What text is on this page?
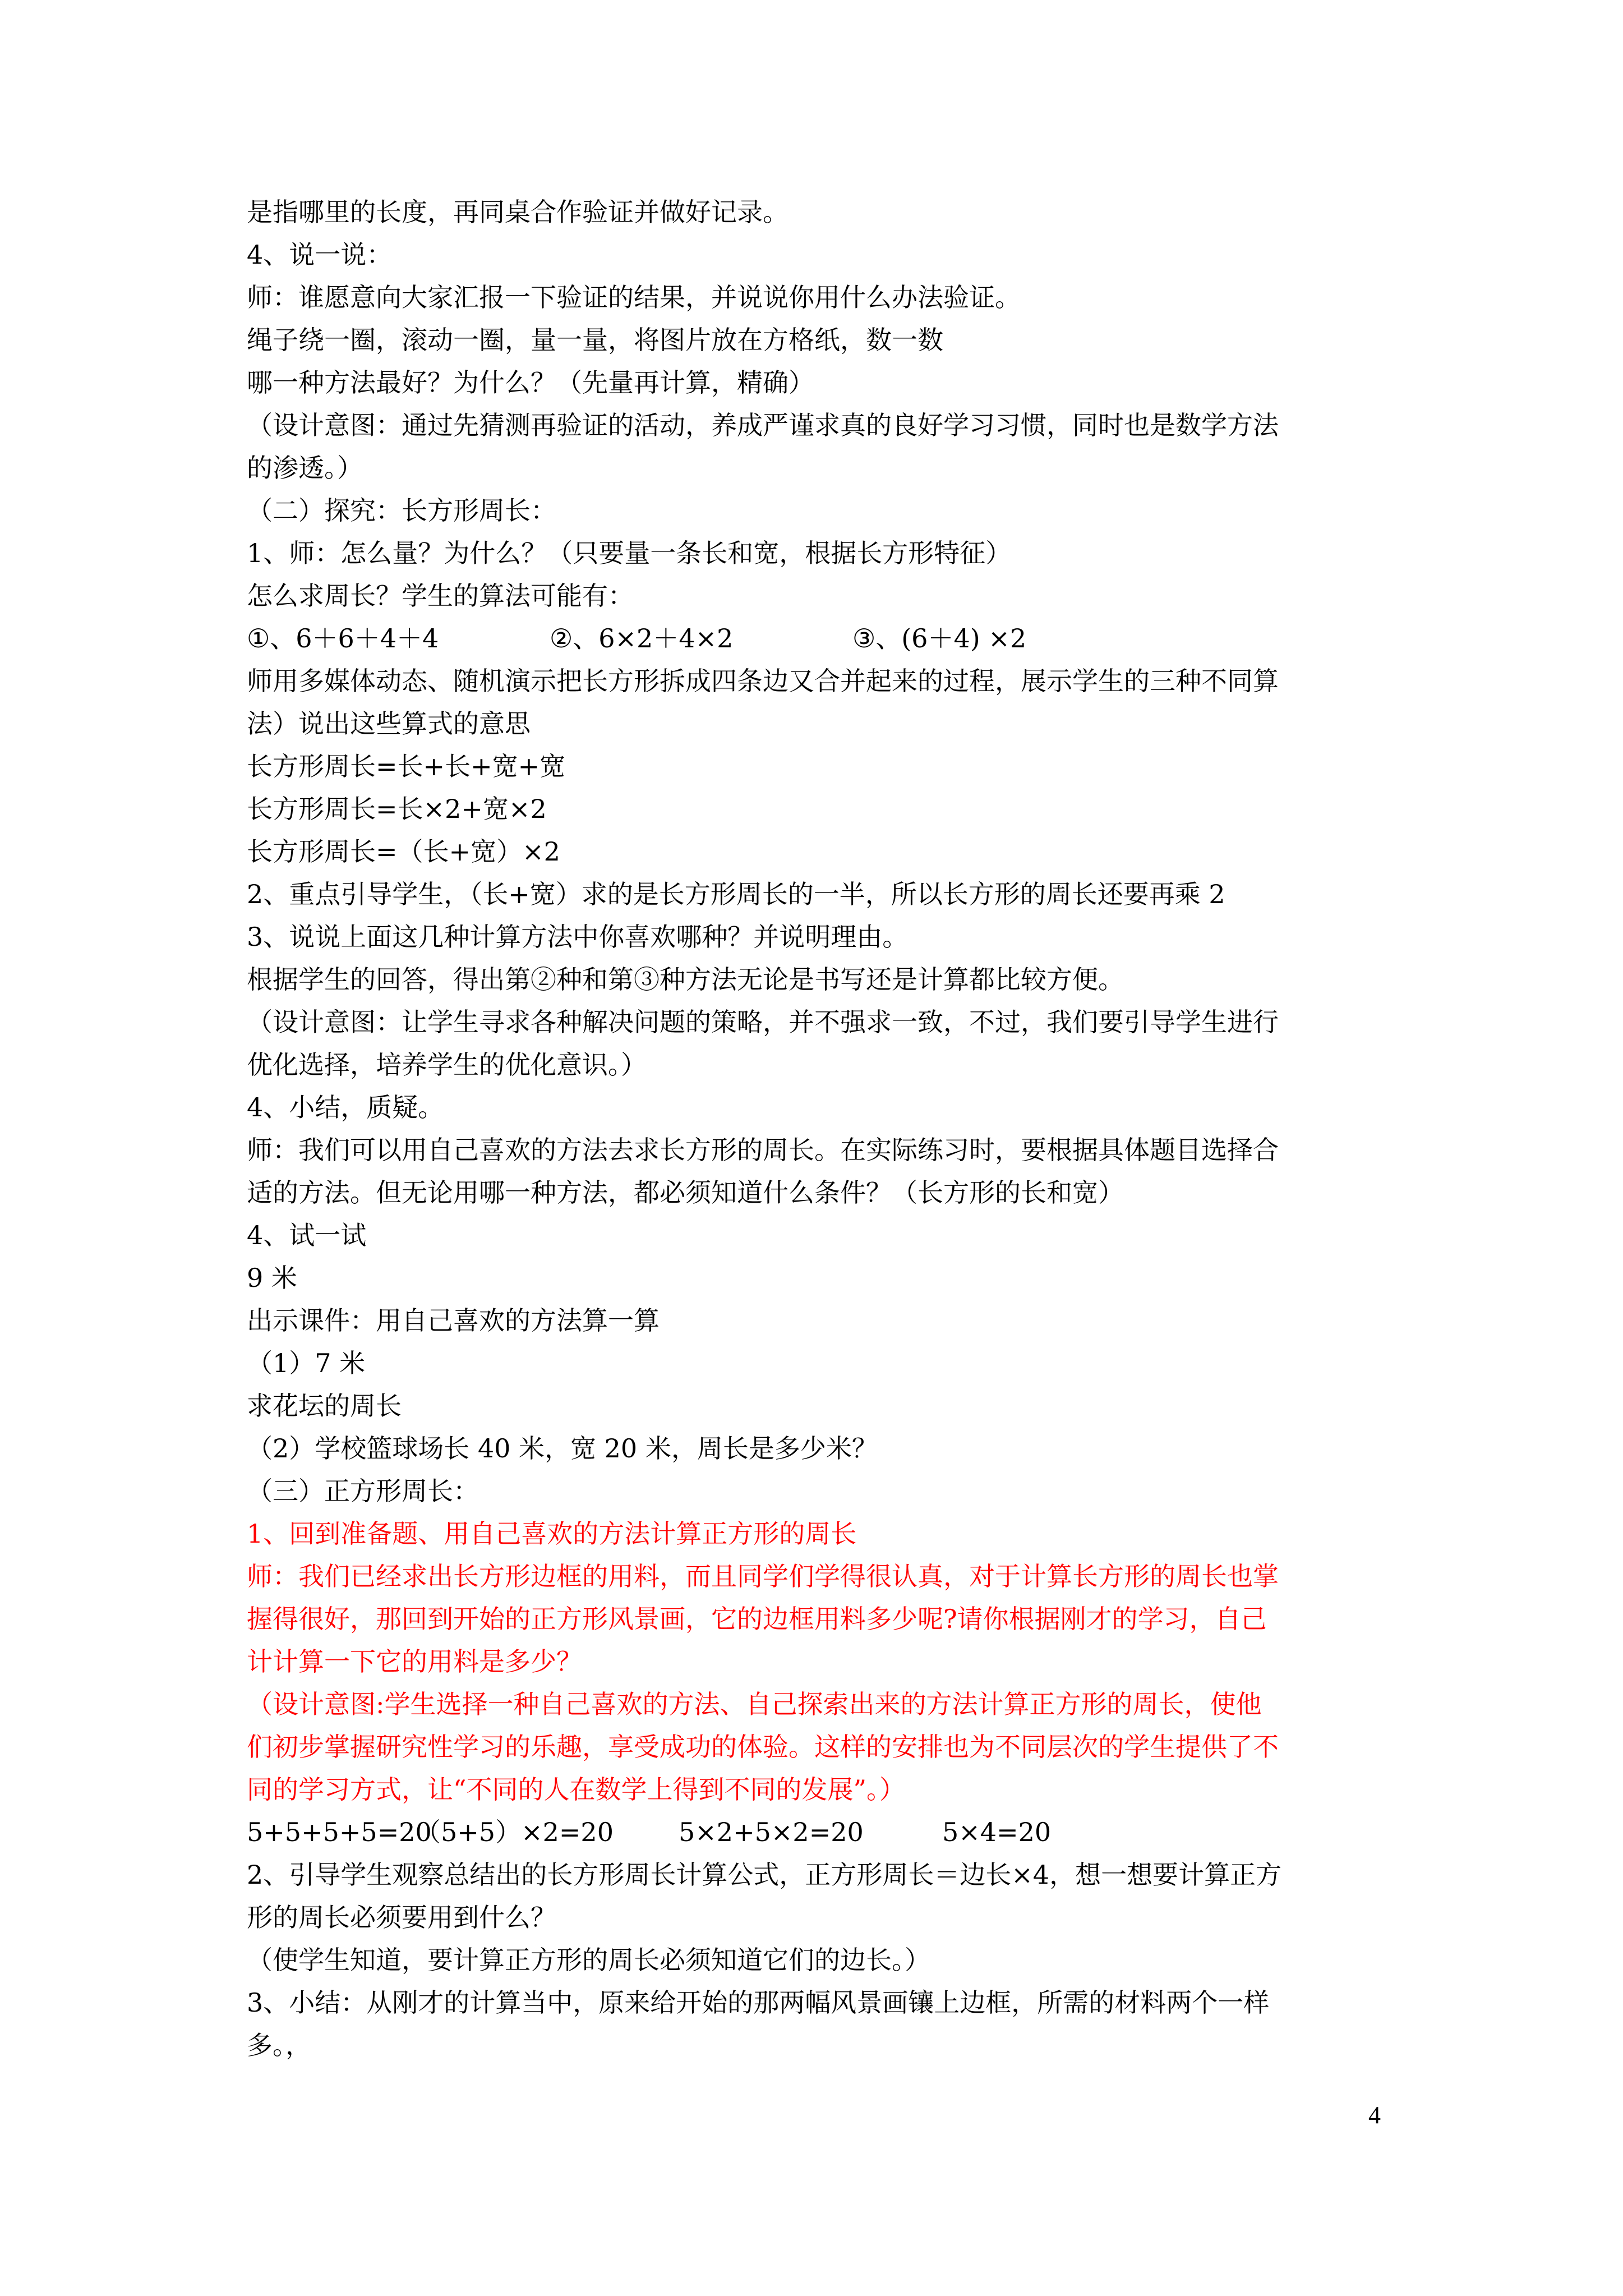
是指哪里的长度，再同桌合作验证并做好记录。
4、说一说：
师：谁愿意向大家汇报一下验证的结果，并说说你用什么办法验证。
绳子绕一圈，滚动一圈，量一量，将图片放在方格纸，数一数
哪一种方法最好？为什么？（先量再计算，精确）
（设计意图：通过先猜测再验证的活动，养成严谨求真的良好学习习惯，同时也是数学方法
的渗透。）
（二）探究：长方形周长：
1、师：怎么量？为什么？（只要量一条长和宽，根据长方形特征）
怎么求周长？学生的算法可能有：
①、6＋6＋4＋4	②、6×2＋4×2	③、(6＋4) ×2
师用多媒体动态、随机演示把长方形拆成四条边又合并起来的过程，展示学生的三种不同算
法）说出这些算式的意思
长方形周长=长+长+宽+宽
长方形周长=长×2+宽×2
长方形周长=（长+宽）×2
2、重点引导学生，（长+宽）求的是长方形周长的一半，所以长方形的周长还要再乘 2
3、说说上面这几种计算方法中你喜欢哪种？并说明理由。
根据学生的回答，得出第②种和第③种方法无论是书写还是计算都比较方便。
（设计意图：让学生寻求各种解决问题的策略，并不强求一致，不过，我们要引导学生进行
优化选择，培养学生的优化意识。）
4、小结，质疑。
师：我们可以用自己喜欢的方法去求长方形的周长。在实际练习时，要根据具体题目选择合
适的方法。但无论用哪一种方法，都必须知道什么条件？（长方形的长和宽）
4、试一试
9 米
出示课件：用自己喜欢的方法算一算
（1）7 米
求花坛的周长
（2）学校篮球场长 40 米，宽 20 米，周长是多少米？
（三）正方形周长：
1、回到准备题、用自己喜欢的方法计算正方形的周长
师：我们已经求出长方形边框的用料，而且同学们学得很认真，对于计算长方形的周长也掌
握得很好，那回到开始的正方形风景画，它的边框用料多少呢?请你根据刚才的学习，自己
计计算一下它的用料是多少？
（设计意图:学生选择一种自己喜欢的方法、自己探索出来的方法计算正方形的周长，使他
们初步掌握研究性学习的乐趣，享受成功的体验。这样的安排也为不同层次的学生提供了不
同的学习方式，让“不同的人在数学上得到不同的发展”。）
5+5+5+5=20
（5+5）×2=20	5×2+5×2=20	5×4=20
2、引导学生观察总结出的长方形周长计算公式，正方形周长＝边长×4，想一想要计算正方
形的周长必须要用到什么？
（使学生知道，要计算正方形的周长必须知道它们的边长。）
3、小结：从刚才的计算当中，原来给开始的那两幅风景画镶上边框，所需的材料两个一样
多。，
4
